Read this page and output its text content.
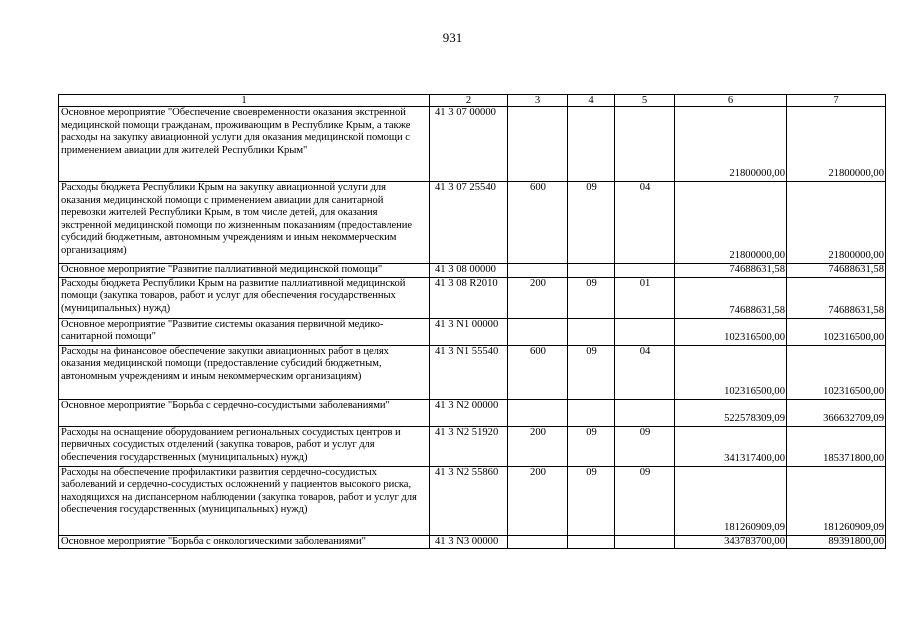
931
1	2	3	4	5	6	7
Основное мероприятие "Обеспечение своевременности оказания экстренной медицинской помощи гражданам, проживающим в Республике Крым, а также расходы на закупку авиационной услуги для оказания медицинской помощи с применением авиации для жителей Республики Крым"	41 3 07 00000				21800000,00	21800000,00
Расходы бюджета Республики Крым на закупку авиационной услуги для оказания медицинской помощи с применением авиации для санитарной перевозки жителей Республики Крым, в том числе детей, для оказания экстренной медицинской помощи по жизненным показаниям (предоставление субсидий бюджетным, автономным учреждениям и иным некоммерческим организациям)	41 3 07 25540	600	09	04	21800000,00	21800000,00
Основное мероприятие "Развитие паллиативной медицинской помощи"	41 3 08 00000				74688631,58	74688631,58
Расходы бюджета Республики Крым на развитие паллиативной медицинской помощи (закупка товаров, работ и услуг для обеспечения государственных (муниципальных) нужд)	41 3 08 R2010	200	09	01	74688631,58	74688631,58
Основное мероприятие "Развитие системы оказания первичной медико-санитарной помощи"	41 3 N1 00000				102316500,00	102316500,00
Расходы на финансовое обеспечение закупки авиационных работ в целях оказания медицинской помощи (предоставление субсидий бюджетным, автономным учреждениям и иным некоммерческим организациям)	41 3 N1 55540	600	09	04	102316500,00	102316500,00
Основное мероприятие "Борьба с сердечно-сосудистыми заболеваниями"	41 3 N2 00000				522578309,09	366632709,09
Расходы на оснащение оборудованием региональных сосудистых центров и первичных сосудистых отделений (закупка товаров, работ и услуг для обеспечения государственных (муниципальных) нужд)	41 3 N2 51920	200	09	09	341317400,00	185371800,00
Расходы на обеспечение профилактики развития сердечно-сосудистых заболеваний и сердечно-сосудистых осложнений у пациентов высокого риска, находящихся на диспансерном наблюдении (закупка товаров, работ и услуг для обеспечения государственных (муниципальных) нужд)	41 3 N2 55860	200	09	09	181260909,09	181260909,09
Основное мероприятие "Борьба с онкологическими заболеваниями"	41 3 N3 00000				343783700,00	89391800,00
